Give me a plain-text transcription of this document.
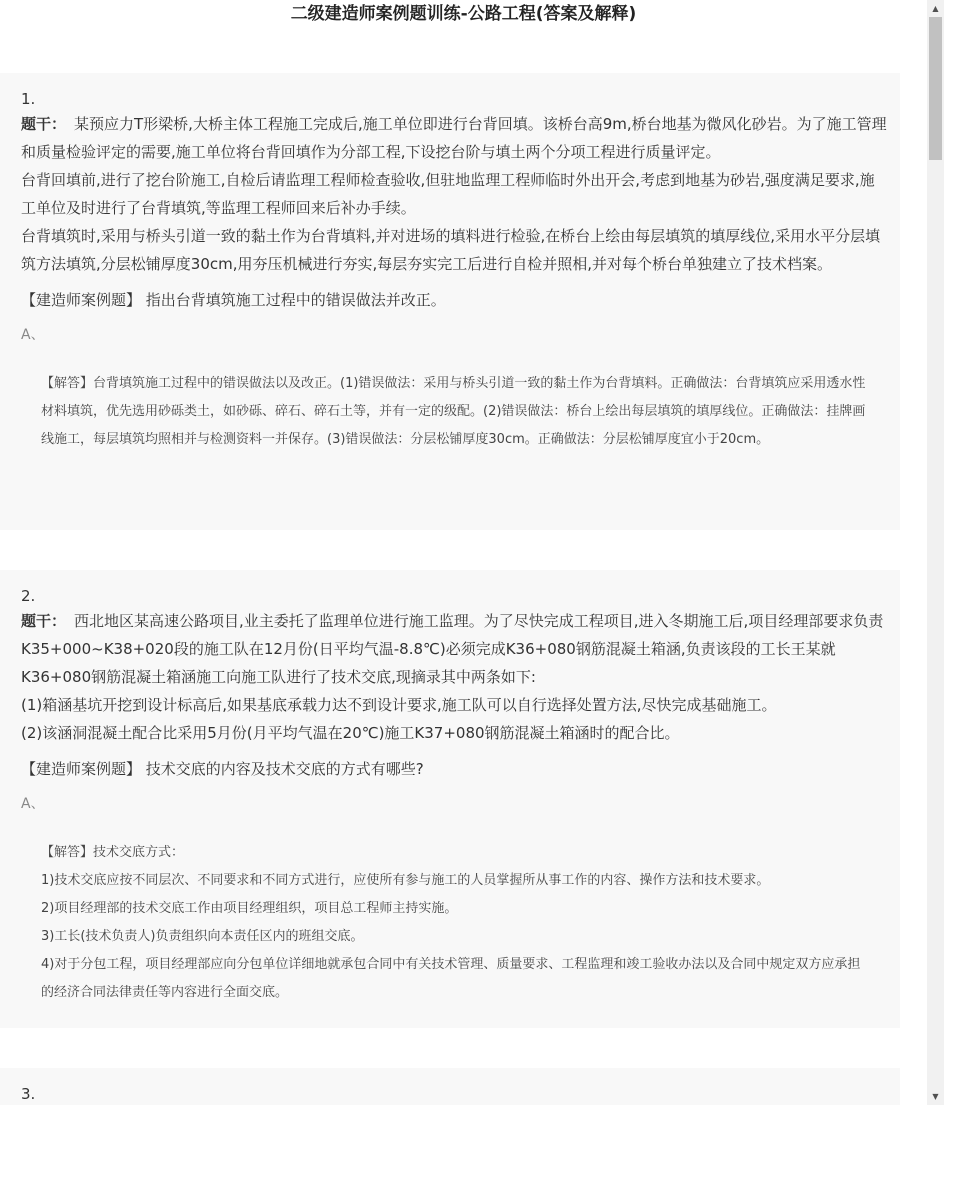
二级建造师案例题训练-公路工程(答案及解释)
1.

题干： 某预应力T形梁桥,大桥主体工程施工完成后,施工单位即进行台背回填。该桥台高9m,桥台地基为微风化砂岩。为了施工管理和质量检验评定的需要,施工单位将台背回填作为分部工程,下设挖台阶与填土两个分项工程进行质量评定。

台背回填前,进行了挖台阶施工,自检后请监理工程师检查验收,但驻地监理工程师临时外出开会,考虑到地基为砂岩,强度满足要求,施工单位及时进行了台背填筑,等监理工程师回来后补办手续。

台背填筑时,采用与桥头引道一致的黏土作为台背填料,并对进场的填料进行检验,在桥台上绘由每层填筑的填厚线位,采用水平分层填筑方法填筑,分层松铺厚度30cm,用夯压机械进行夯实,每层夯实完工后进行自检并照相,并对每个桥台单独建立了技术档案。

【建造师案例题】 指出台背填筑施工过程中的错误做法并改正。
A、

【解答】台背填筑施工过程中的错误做法以及改正。(1)错误做法：采用与桥头引道一致的黏土作为台背填料。正确做法：台背填筑应采用透水性材料填筑，优先选用砂砾类土，如砂砾、碎石、碎石土等，并有一定的级配。(2)错误做法：桥台上绘出每层填筑的填厚线位。正确做法：挂牌画线施工，每层填筑均照相并与检测资料一并保存。(3)错误做法：分层松铺厚度30cm。正确做法：分层松铺厚度宜小于20cm。

2.

题干： 西北地区某高速公路项目,业主委托了监理单位进行施工监理。为了尽快完成工程项目,进入冬期施工后,项目经理部要求负责K35+000~K38+020段的施工队在12月份(日平均气温-8.8℃)必须完成K36+080钢筋混凝土箱涵,负责该段的工长王某就K36+080钢筋混凝土箱涵施工向施工队进行了技术交底,现摘录其中两条如下:

(1)箱涵基坑开挖到设计标高后,如果基底承载力达不到设计要求,施工队可以自行选择处置方法,尽快完成基础施工。

(2)该涵洞混凝土配合比采用5月份(月平均气温在20℃)施工K37+080钢筋混凝土箱涵时的配合比。

【建造师案例题】 技术交底的内容及技术交底的方式有哪些?
A、

【解答】技术交底方式：

1)技术交底应按不同层次、不同要求和不同方式进行，应使所有参与施工的人员掌握所从事工作的内容、操作方法和技术要求。

2)项目经理部的技术交底工作由项目经理组织，项目总工程师主持实施。

3)工长(技术负责人)负责组织向本责任区内的班组交底。

4)对于分包工程，项目经理部应向分包单位详细地就承包合同中有关技术管理、质量要求、工程监理和竣工验收办法以及合同中规定双方应承担的经济合同法律责任等内容进行全面交底。

3.
▲
▼
